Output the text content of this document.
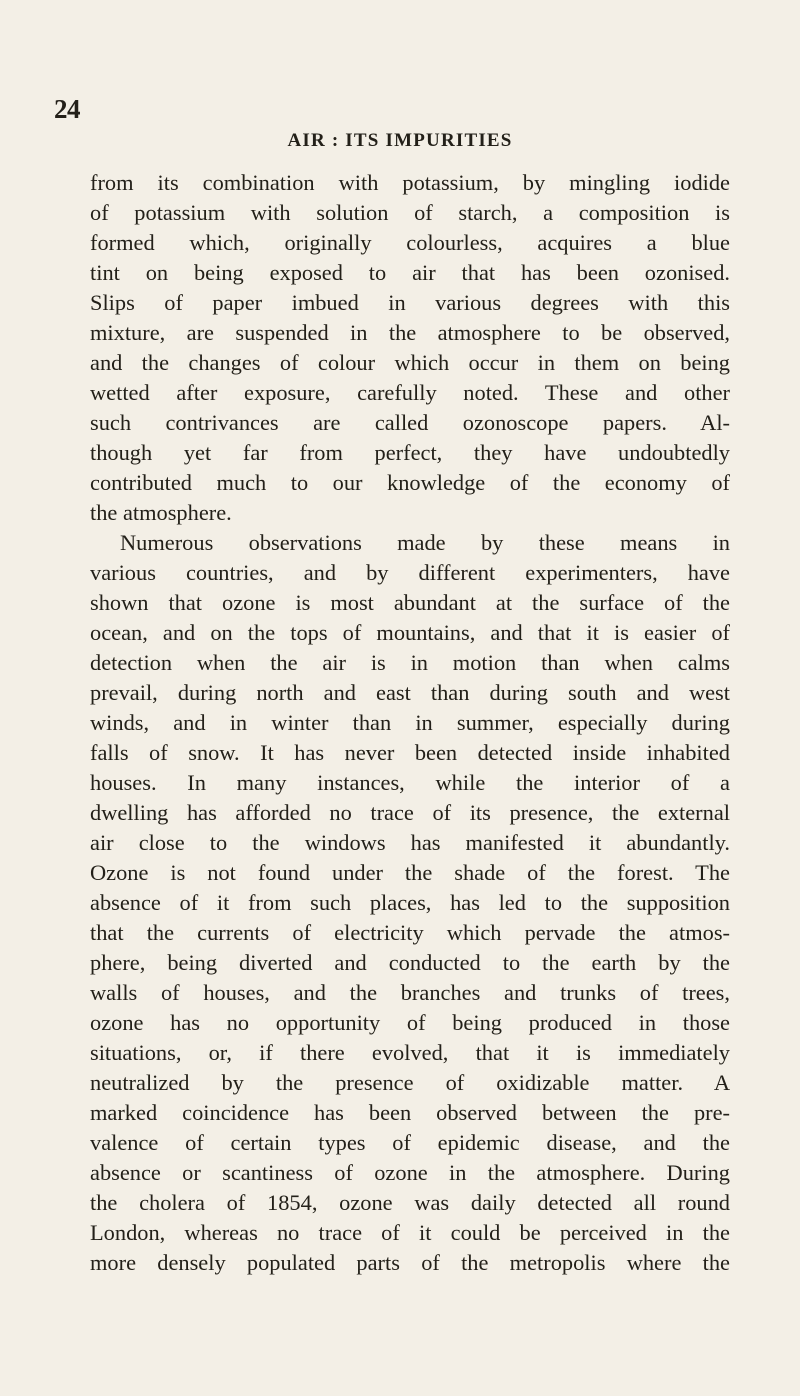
24
AIR : ITS IMPURITIES
from its combination with potassium, by mingling iodide
of potassium with solution of starch, a composition is
formed which, originally colourless, acquires a blue
tint on being exposed to air that has been ozonised.
Slips of paper imbued in various degrees with this
mixture, are suspended in the atmosphere to be observed,
and the changes of colour which occur in them on being
wetted after exposure, carefully noted. These and other
such contrivances are called ozonoscope papers. Al-
though yet far from perfect, they have undoubtedly
contributed much to our knowledge of the economy of
the atmosphere.
Numerous observations made by these means in
various countries, and by different experimenters, have
shown that ozone is most abundant at the surface of the
ocean, and on the tops of mountains, and that it is easier of
detection when the air is in motion than when calms
prevail, during north and east than during south and west
winds, and in winter than in summer, especially during
falls of snow. It has never been detected inside inhabited
houses. In many instances, while the interior of a
dwelling has afforded no trace of its presence, the external
air close to the windows has manifested it abundantly.
Ozone is not found under the shade of the forest. The
absence of it from such places, has led to the supposition
that the currents of electricity which pervade the atmos-
phere, being diverted and conducted to the earth by the
walls of houses, and the branches and trunks of trees,
ozone has no opportunity of being produced in those
situations, or, if there evolved, that it is immediately
neutralized by the presence of oxidizable matter. A
marked coincidence has been observed between the pre-
valence of certain types of epidemic disease, and the
absence or scantiness of ozone in the atmosphere. During
the cholera of 1854, ozone was daily detected all round
London, whereas no trace of it could be perceived in the
more densely populated parts of the metropolis where the
